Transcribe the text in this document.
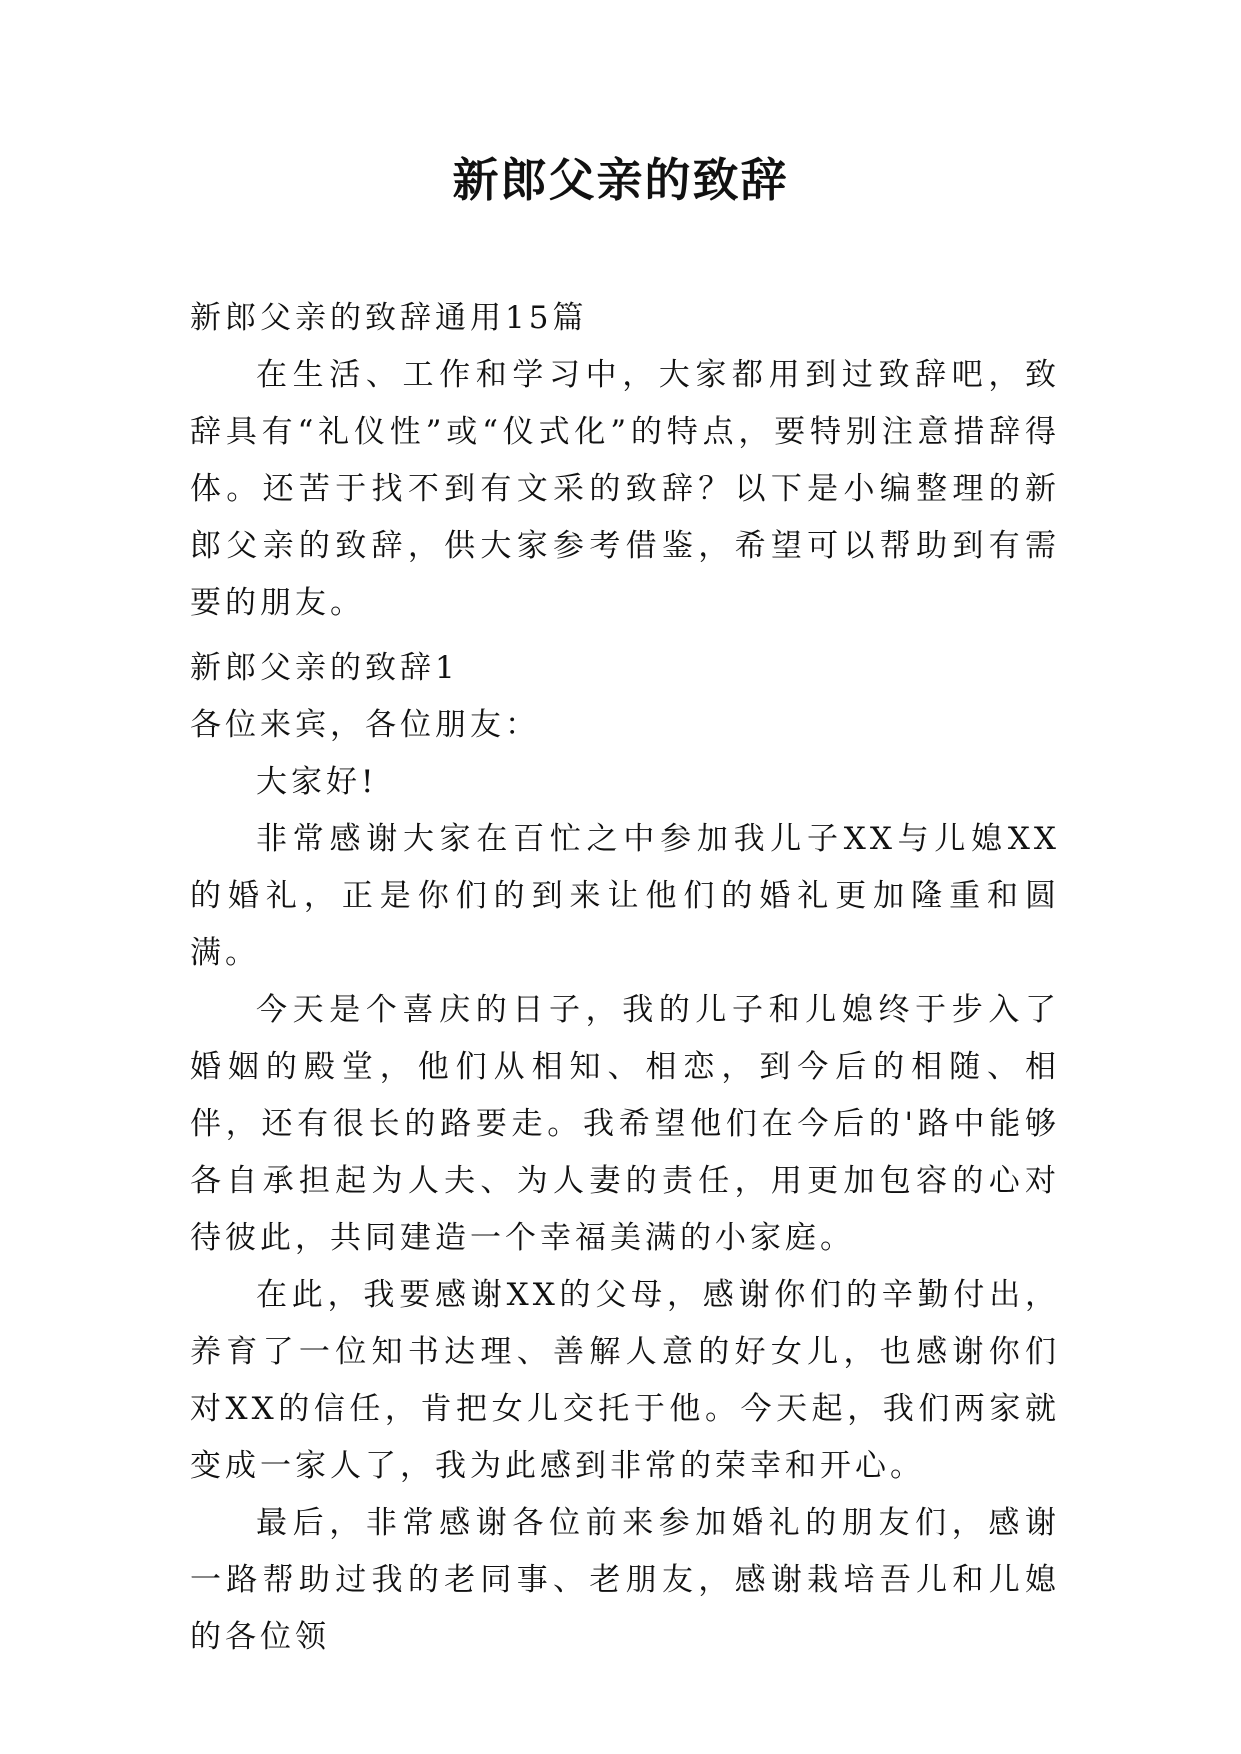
新郎父亲的致辞

新郎父亲的致辞通用15篇

在生活、工作和学习中，大家都用到过致辞吧，致辞具有“礼仪性”或“仪式化”的特点，要特别注意措辞得体。还苦于找不到有文采的致辞？以下是小编整理的新郎父亲的致辞，供大家参考借鉴，希望可以帮助到有需要的朋友。

新郎父亲的致辞1

各位来宾，各位朋友：

大家好!

非常感谢大家在百忙之中参加我儿子XX与儿媳XX的婚礼，正是你们的到来让他们的婚礼更加隆重和圆满。

今天是个喜庆的日子，我的儿子和儿媳终于步入了婚姻的殿堂，他们从相知、相恋，到今后的相随、相伴，还有很长的路要走。我希望他们在今后的'路中能够各自承担起为人夫、为人妻的责任，用更加包容的心对待彼此，共同建造一个幸福美满的小家庭。

在此，我要感谢XX的父母，感谢你们的辛勤付出，养育了一位知书达理、善解人意的好女儿，也感谢你们对XX的信任，肯把女儿交托于他。今天起，我们两家就变成一家人了，我为此感到非常的荣幸和开心。

最后，非常感谢各位前来参加婚礼的朋友们，感谢一路帮助过我的老同事、老朋友，感谢栽培吾儿和儿媳的各位领
